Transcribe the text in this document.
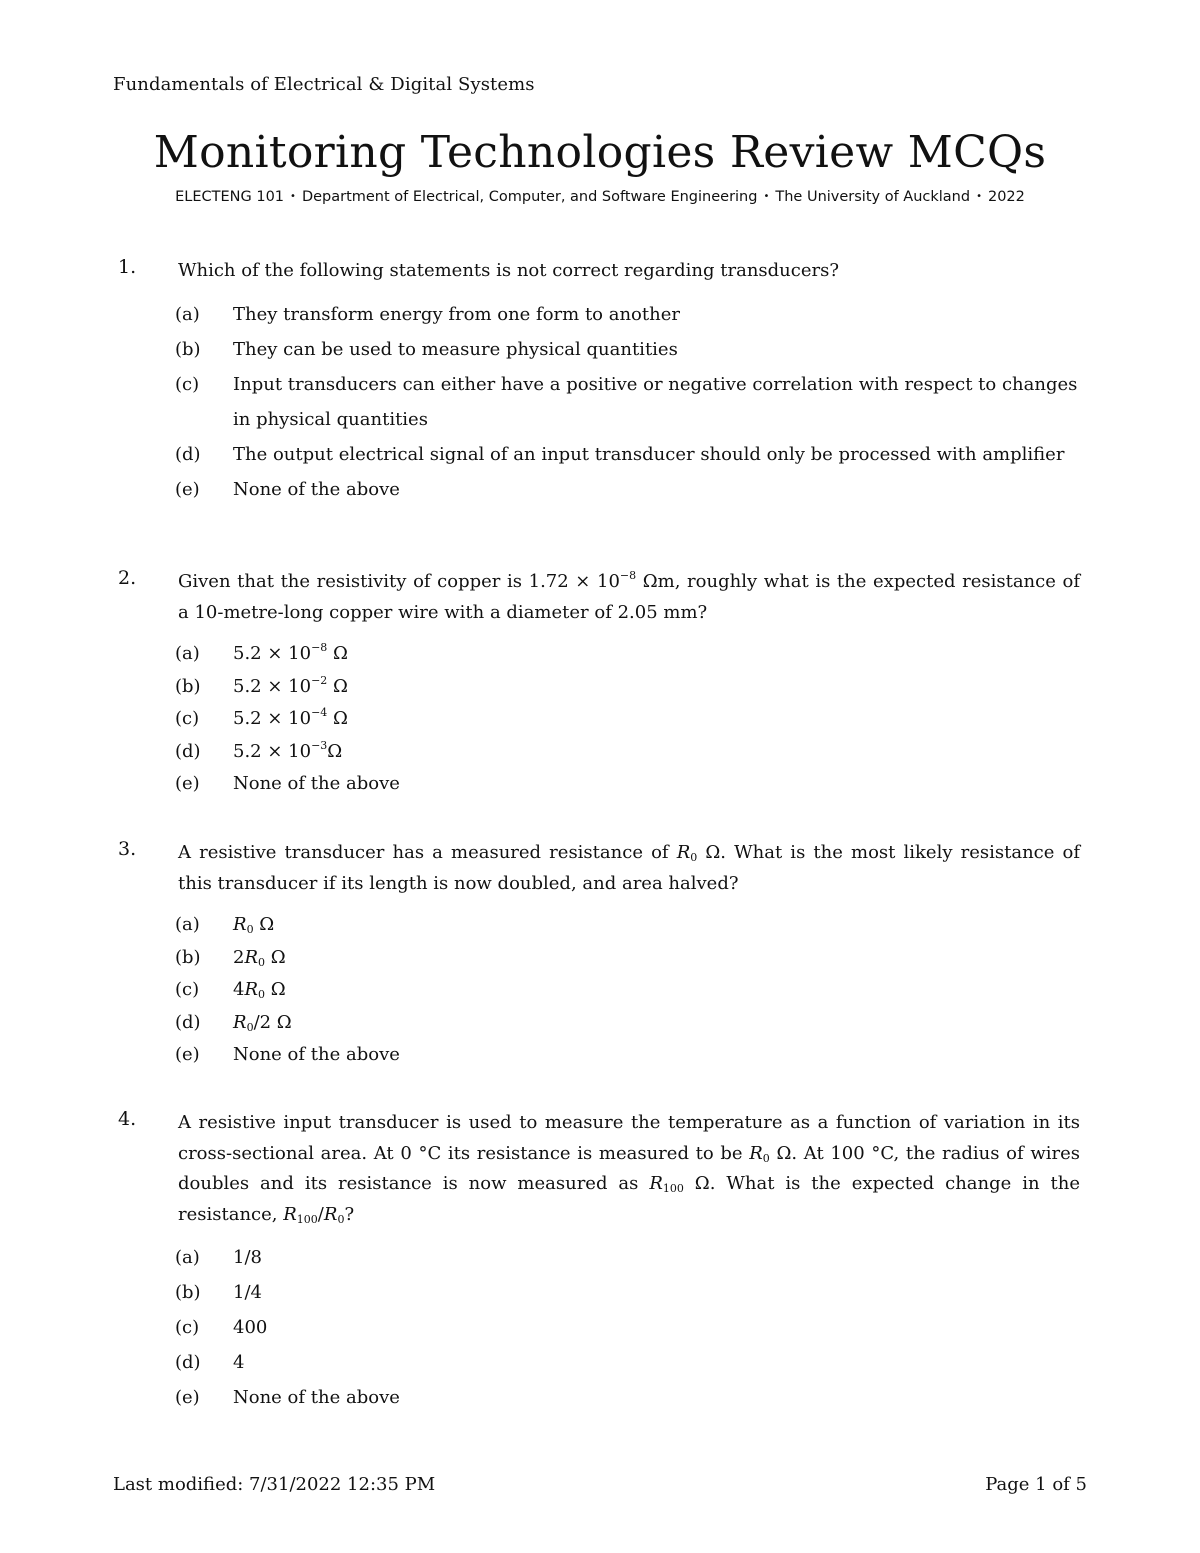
Fundamentals of Electrical & Digital Systems
Monitoring Technologies Review MCQs
ELECTENG 101 • Department of Electrical, Computer, and Software Engineering • The University of Auckland • 2022
1. Which of the following statements is not correct regarding transducers?
(a)	They transform energy from one form to another
(b)	They can be used to measure physical quantities
(c)	Input transducers can either have a positive or negative correlation with respect to changes in physical quantities
(d)	The output electrical signal of an input transducer should only be processed with amplifier
(e)	None of the above
2. Given that the resistivity of copper is $1.72 \times 10^{-8}$ Ωm, roughly what is the expected resistance of a 10-metre-long copper wire with a diameter of 2.05 mm?
(a)	$5.2 \times 10^{-8}$ Ω
(b)	$5.2 \times 10^{-2}$ Ω
(c)	$5.2 \times 10^{-4}$ Ω
(d)	$5.2 \times 10^{-3}\Omega$
(e)	None of the above
3. A resistive transducer has a measured resistance of $R_0$ Ω. What is the most likely resistance of this transducer if its length is now doubled, and area halved?
(a)	$R_0$ Ω
(b)	$2R_0$ Ω
(c)	$4R_0$ Ω
(d)	$R_0/2$ Ω
(e)	None of the above
4. A resistive input transducer is used to measure the temperature as a function of variation in its cross-sectional area. At 0 °C its resistance is measured to be $R_0$ Ω. At 100 °C, the radius of wires doubles and its resistance is now measured as $R_{100}$ Ω. What is the expected change in the resistance, $R_{100}/R_0$?
(a)	1/8
(b)	1/4
(c)	400
(d)	4
(e)	None of the above
Last modified: 7/31/2022 12:35 PM	Page 1 of 5
